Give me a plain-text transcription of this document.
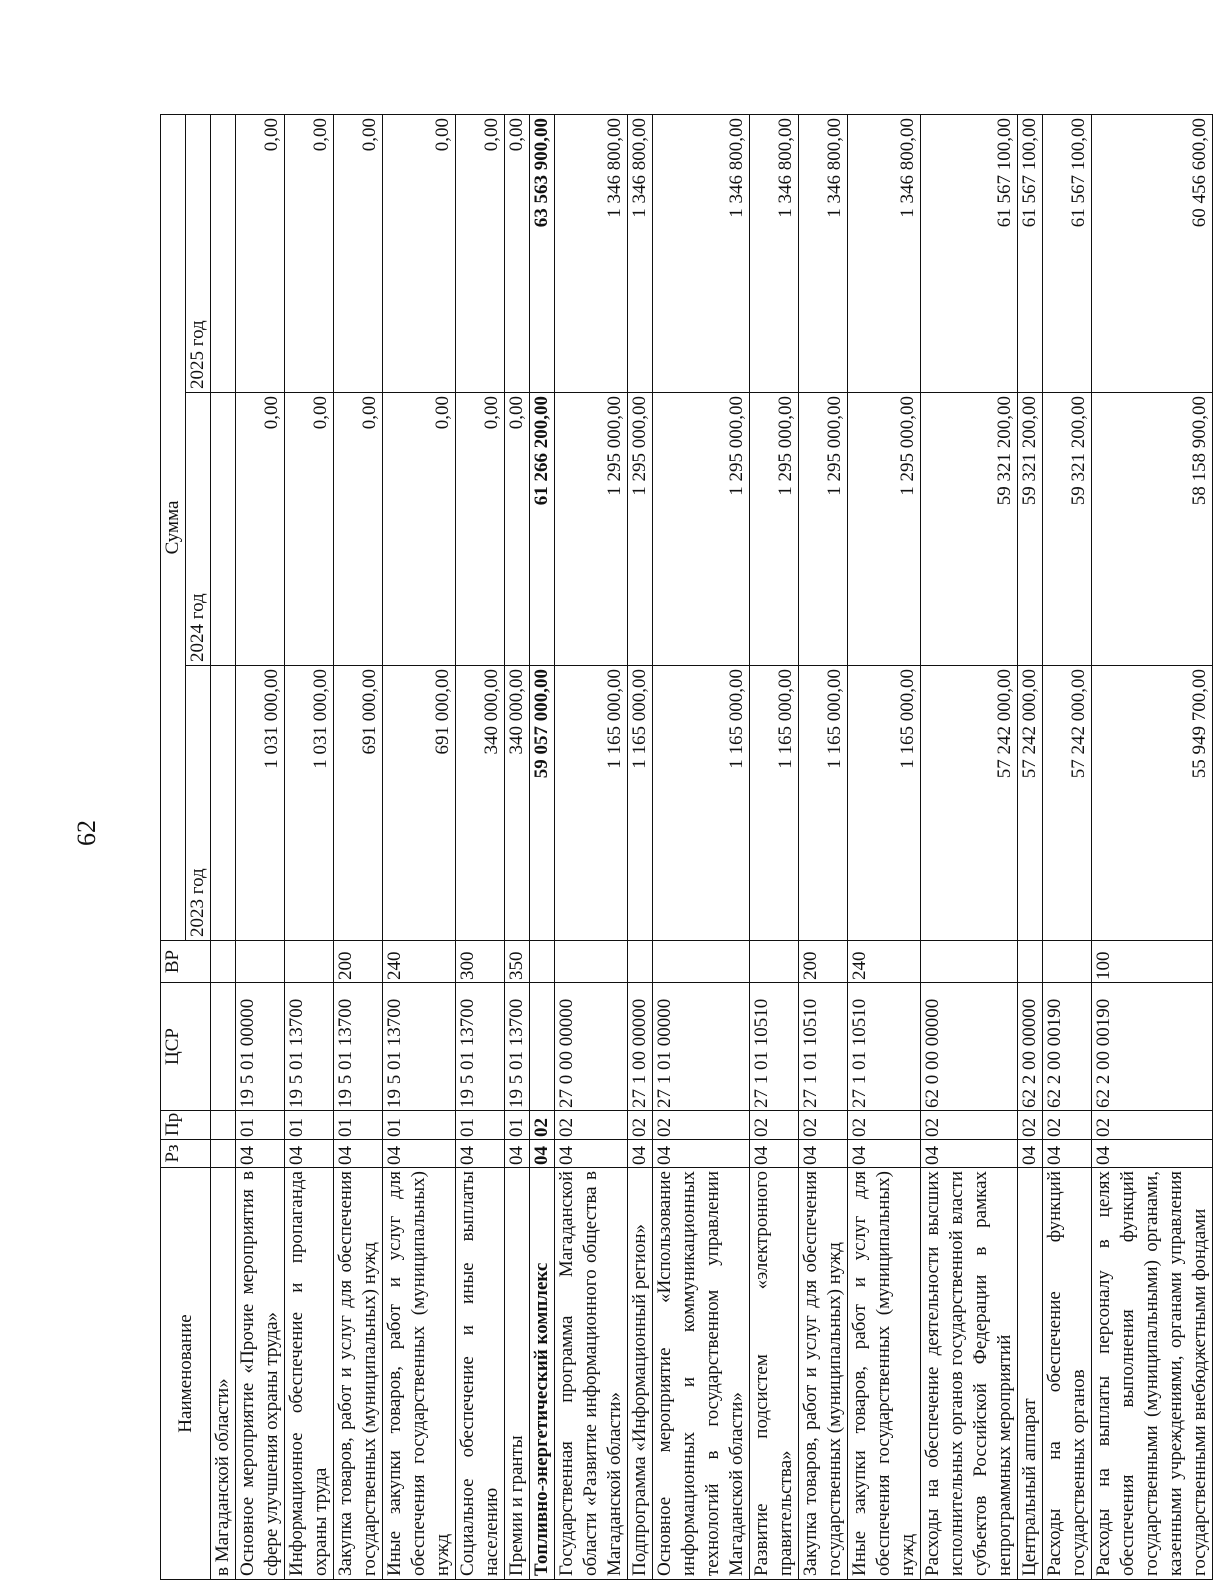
62
Наименование	Рз	Пр	ЦСР	ВР	Сумма		
					2023 год	2024 год	2025 год
в Магаданской области»							
Основное мероприятие «Прочие мероприятия в сфере улучшения охраны труда»	04	01	19 5 01 00000		1 031 000,00	0,00	0,00
Информационное обеспечение и пропаганда охраны труда	04	01	19 5 01 13700		1 031 000,00	0,00	0,00
Закупка товаров, работ и услуг для обеспечения государственных (муниципальных) нужд	04	01	19 5 01 13700	200	691 000,00	0,00	0,00
Иные закупки товаров, работ и услуг для обеспечения государственных (муниципальных) нужд	04	01	19 5 01 13700	240	691 000,00	0,00	0,00
Социальное обеспечение и иные выплаты населению	04	01	19 5 01 13700	300	340 000,00	0,00	0,00
Премии и гранты	04	01	19 5 01 13700	350	340 000,00	0,00	0,00
Топливно-энергетический комплекс	04	02			59 057 000,00	61 266 200,00	63 563 900,00
Государственная программа Магаданской области «Развитие информационного общества в Магаданской области»	04	02	27 0 00 00000		1 165 000,00	1 295 000,00	1 346 800,00
Подпрограмма «Информационный регион»	04	02	27 1 00 00000		1 165 000,00	1 295 000,00	1 346 800,00
Основное мероприятие «Использование информационных и коммуникационных технологий в государственном управлении Магаданской области»	04	02	27 1 01 00000		1 165 000,00	1 295 000,00	1 346 800,00
Развитие подсистем «электронного правительства»	04	02	27 1 01 10510		1 165 000,00	1 295 000,00	1 346 800,00
Закупка товаров, работ и услуг для обеспечения государственных (муниципальных) нужд	04	02	27 1 01 10510	200	1 165 000,00	1 295 000,00	1 346 800,00
Иные закупки товаров, работ и услуг для обеспечения государственных (муниципальных) нужд	04	02	27 1 01 10510	240	1 165 000,00	1 295 000,00	1 346 800,00
Расходы на обеспечение деятельности высших исполнительных органов государственной власти субъектов Российской Федерации в рамках непрограммных мероприятий	04	02	62 0 00 00000		57 242 000,00	59 321 200,00	61 567 100,00
Центральный аппарат	04	02	62 2 00 00000		57 242 000,00	59 321 200,00	61 567 100,00
Расходы на обеспечение функций государственных органов	04	02	62 2 00 00190		57 242 000,00	59 321 200,00	61 567 100,00
Расходы на выплаты персоналу в целях обеспечения выполнения функций государственными (муниципальными) органами, казенными учреждениями, органами управления государственными внебюджетными фондами	04	02	62 2 00 00190	100	55 949 700,00	58 158 900,00	60 456 600,00
